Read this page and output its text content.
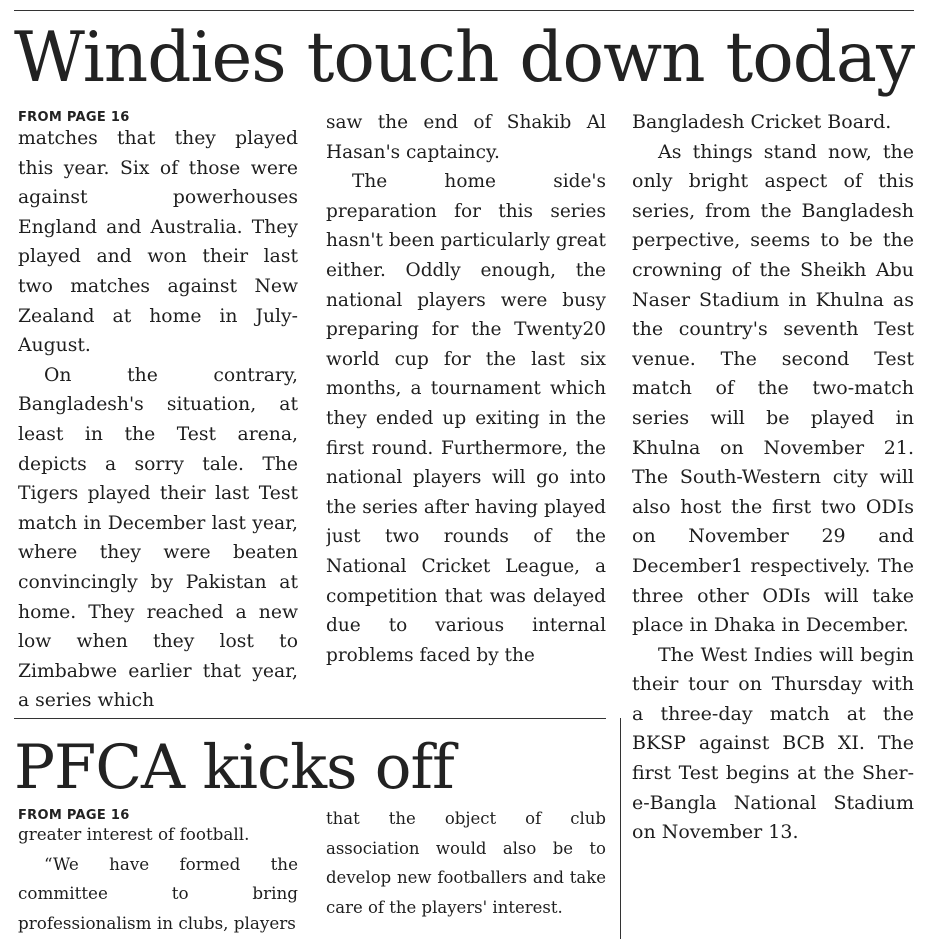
Windies touch down today
FROM PAGE 16

matches that they played this year. Six of those were against powerhouses England and Australia. They played and won their last two matches against New Zealand at home in July-August.

On the contrary, Bangladesh's situation, at least in the Test arena, depicts a sorry tale. The Tigers played their last Test match in December last year, where they were beaten convincingly by Pakistan at home. They reached a new low when they lost to Zimbabwe earlier that year, a series which

saw the end of Shakib Al Hasan's captaincy.

The home side's preparation for this series hasn't been particularly great either. Oddly enough, the national players were busy preparing for the Twenty20 world cup for the last six months, a tournament which they ended up exiting in the first round. Furthermore, the national players will go into the series after having played just two rounds of the National Cricket League, a competition that was delayed due to various internal problems faced by the

Bangladesh Cricket Board.

As things stand now, the only bright aspect of this series, from the Bangladesh perpective, seems to be the crowning of the Sheikh Abu Naser Stadium in Khulna as the country's seventh Test venue. The second Test match of the two-match series will be played in Khulna on November 21. The South-Western city will also host the first two ODIs on November 29 and December1 respectively. The three other ODIs will take place in Dhaka in December.

The West Indies will begin their tour on Thursday with a three-day match at the BKSP against BCB XI. The first Test begins at the Sher-e-Bangla National Stadium on November 13.

PFCA kicks off
FROM PAGE 16

greater interest of football.

“We have formed the committee to bring professionalism in clubs, players

that the object of club association would also be to develop new footballers and take care of the players' interest.
